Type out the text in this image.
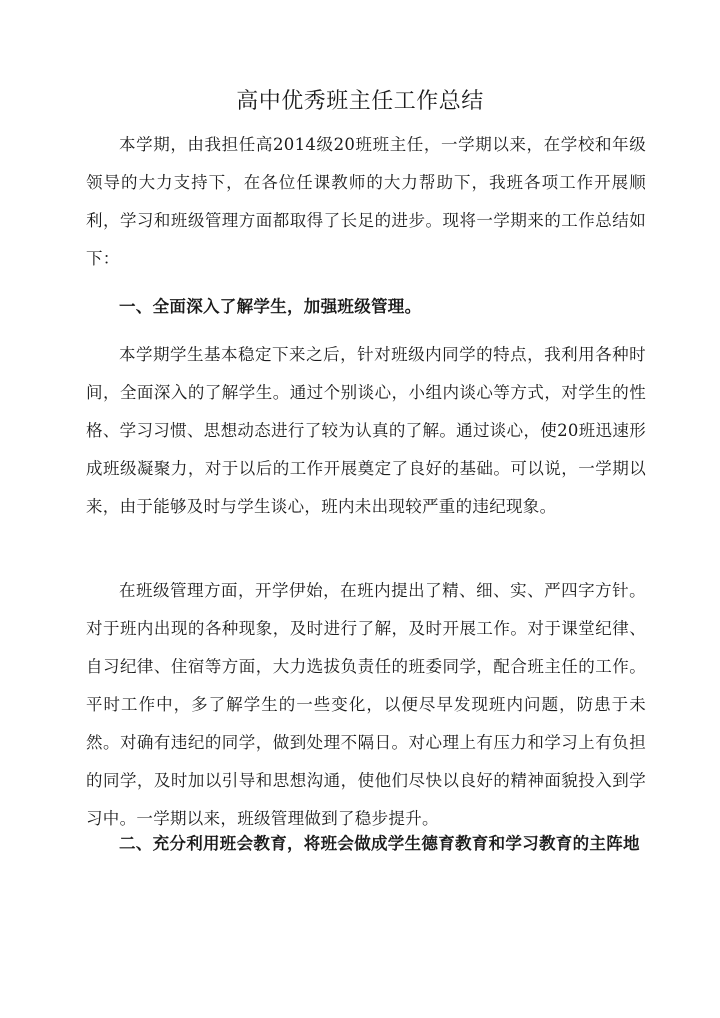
高中优秀班主任工作总结

本学期，由我担任高2014级20班班主任，一学期以来，在学校和年级领导的大力支持下，在各位任课教师的大力帮助下，我班各项工作开展顺利，学习和班级管理方面都取得了长足的进步。现将一学期来的工作总结如下：

一、全面深入了解学生，加强班级管理。

本学期学生基本稳定下来之后，针对班级内同学的特点，我利用各种时间，全面深入的了解学生。通过个别谈心，小组内谈心等方式，对学生的性格、学习习惯、思想动态进行了较为认真的了解。通过谈心，使20班迅速形成班级凝聚力，对于以后的工作开展奠定了良好的基础。可以说，一学期以来，由于能够及时与学生谈心，班内未出现较严重的违纪现象。

在班级管理方面，开学伊始，在班内提出了精、细、实、严四字方针。对于班内出现的各种现象，及时进行了解，及时开展工作。对于课堂纪律、自习纪律、住宿等方面，大力选拔负责任的班委同学，配合班主任的工作。平时工作中，多了解学生的一些变化，以便尽早发现班内问题，防患于未然。对确有违纪的同学，做到处理不隔日。对心理上有压力和学习上有负担的同学，及时加以引导和思想沟通，使他们尽快以良好的精神面貌投入到学习中。一学期以来，班级管理做到了稳步提升。

二、充分利用班会教育，将班会做成学生德育教育和学习教育的主阵地
